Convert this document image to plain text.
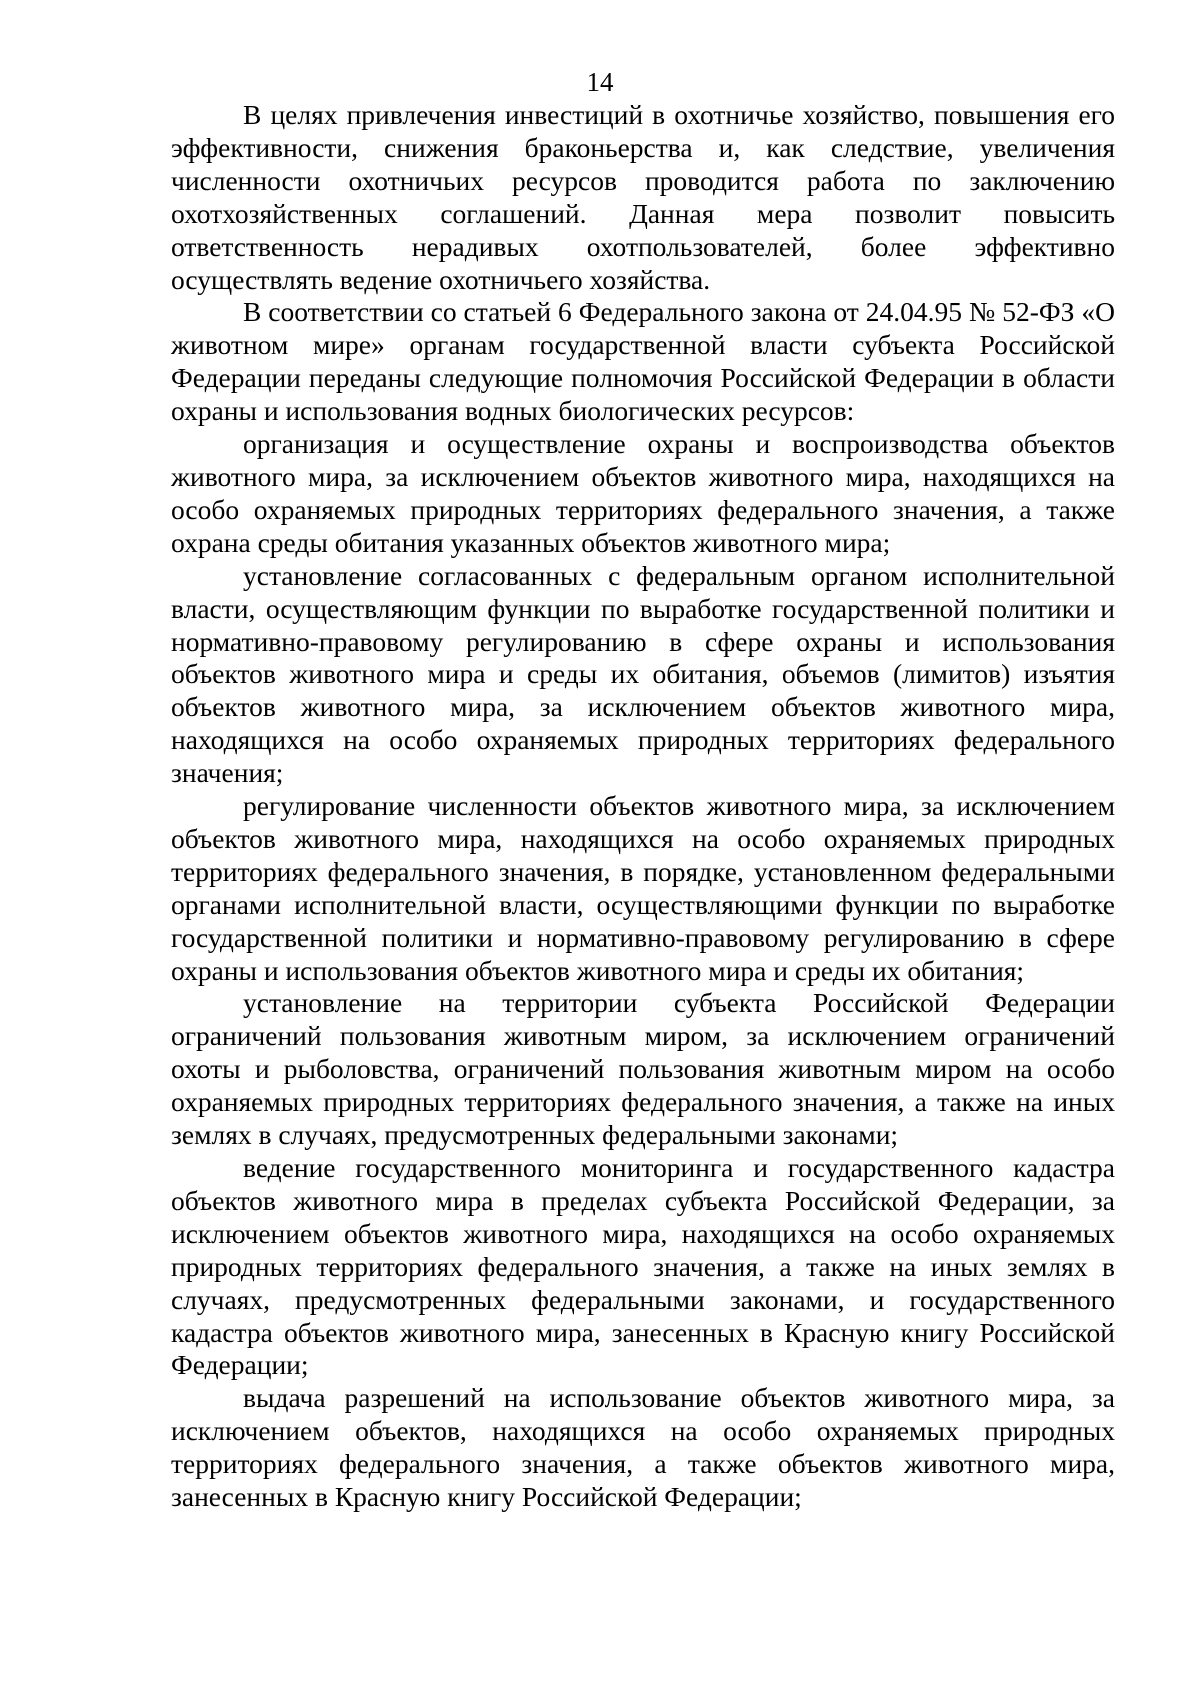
14

В целях привлечения инвестиций в охотничье хозяйство, повышения его эффективности, снижения браконьерства и, как следствие, увеличения численности охотничьих ресурсов проводится работа по заключению охотхозяйственных соглашений. Данная мера позволит повысить ответственность нерадивых охотпользователей, более эффективно осуществлять ведение охотничьего хозяйства.

В соответствии со статьей 6 Федерального закона от 24.04.95 № 52-ФЗ «О животном мире» органам государственной власти субъекта Российской Федерации переданы следующие полномочия Российской Федерации в области охраны и использования водных биологических ресурсов:

организация и осуществление охраны и воспроизводства объектов животного мира, за исключением объектов животного мира, находящихся на особо охраняемых природных территориях федерального значения, а также охрана среды обитания указанных объектов животного мира;

установление согласованных с федеральным органом исполнительной власти, осуществляющим функции по выработке государственной политики и нормативно-правовому регулированию в сфере охраны и использования объектов животного мира и среды их обитания, объемов (лимитов) изъятия объектов животного мира, за исключением объектов животного мира, находящихся на особо охраняемых природных территориях федерального значения;

регулирование численности объектов животного мира, за исключением объектов животного мира, находящихся на особо охраняемых природных территориях федерального значения, в порядке, установленном федеральными органами исполнительной власти, осуществляющими функции по выработке государственной политики и нормативно-правовому регулированию в сфере охраны и использования объектов животного мира и среды их обитания;

установление на территории субъекта Российской Федерации ограничений пользования животным миром, за исключением ограничений охоты и рыболовства, ограничений пользования животным миром на особо охраняемых природных территориях федерального значения, а также на иных землях в случаях, предусмотренных федеральными законами;

ведение государственного мониторинга и государственного кадастра объектов животного мира в пределах субъекта Российской Федерации, за исключением объектов животного мира, находящихся на особо охраняемых природных территориях федерального значения, а также на иных землях в случаях, предусмотренных федеральными законами, и государственного кадастра объектов животного мира, занесенных в Красную книгу Российской Федерации;

выдача разрешений на использование объектов животного мира, за исключением объектов, находящихся на особо охраняемых природных территориях федерального значения, а также объектов животного мира, занесенных в Красную книгу Российской Федерации;
